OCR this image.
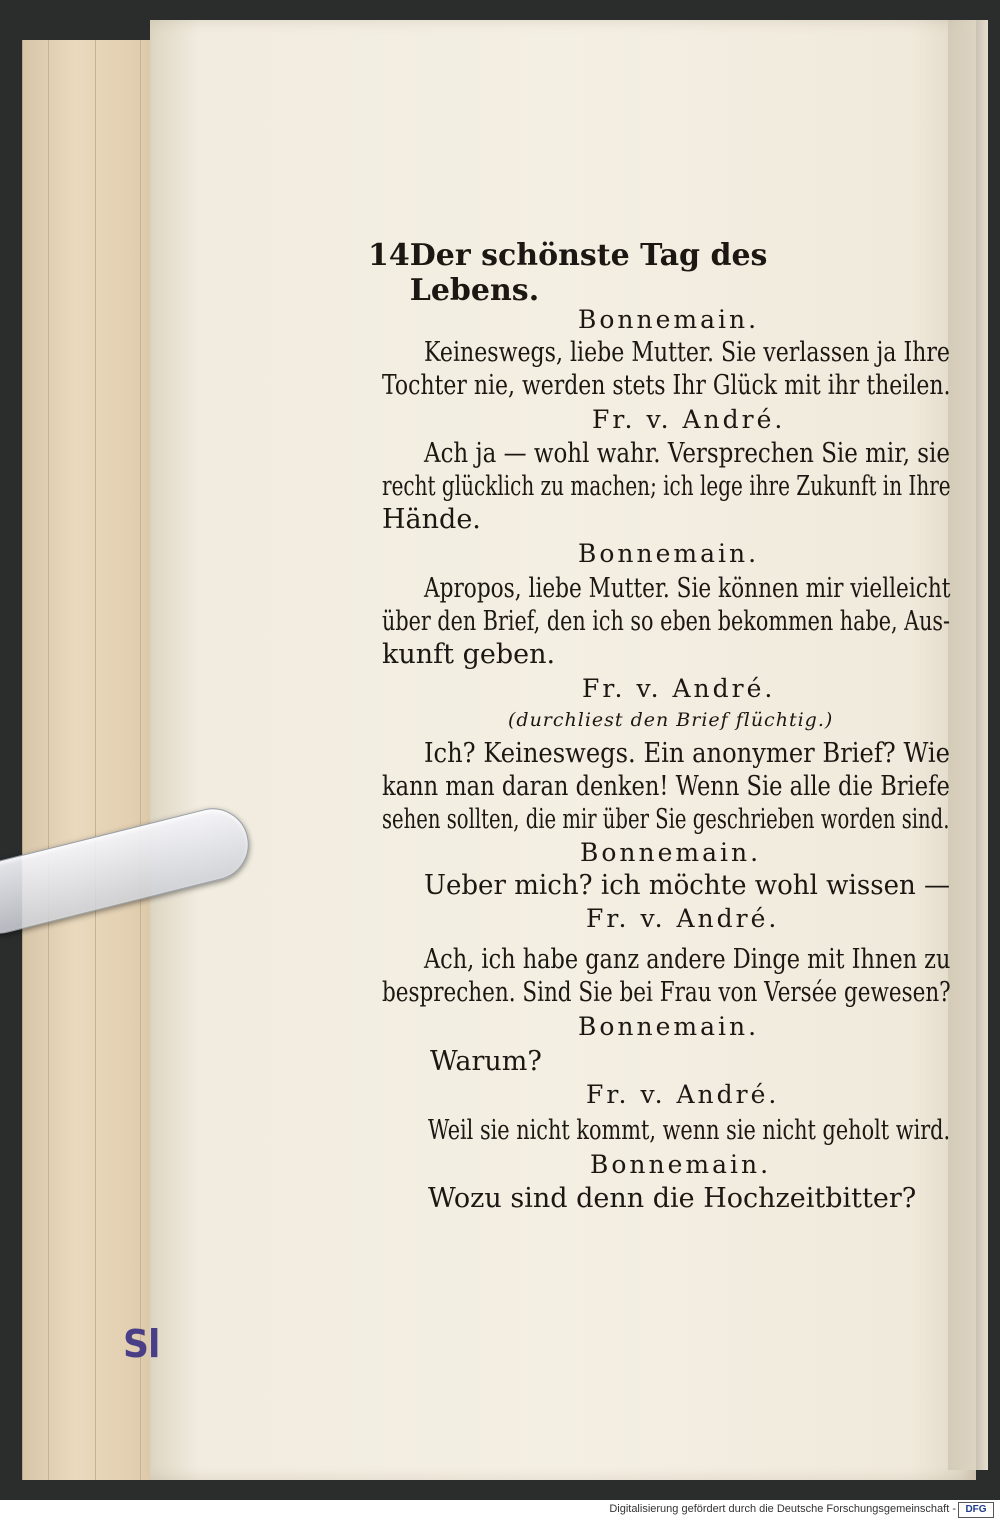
Sl
14 Der schönste Tag des Lebens.
Bonnemain.
Keineswegs, liebe Mutter. Sie verlassen ja Ihre
Tochter nie, werden stets Ihr Glück mit ihr theilen.
Fr. v. André.
Ach ja — wohl wahr. Versprechen Sie mir, sie
recht glücklich zu machen; ich lege ihre Zukunft in Ihre
Hände.
Bonnemain.
Apropos, liebe Mutter. Sie können mir vielleicht
über den Brief, den ich so eben bekommen habe, Aus-
kunft geben.
Fr. v. André.
(durchliest den Brief flüchtig.)
Ich? Keineswegs. Ein anonymer Brief? Wie
kann man daran denken! Wenn Sie alle die Briefe
sehen sollten, die mir über Sie geschrieben worden sind.
Bonnemain.
Ueber mich? ich möchte wohl wissen —
Fr. v. André.
Ach, ich habe ganz andere Dinge mit Ihnen zu
besprechen. Sind Sie bei Frau von Versée gewesen?
Bonnemain.
Warum?
Fr. v. André.
Weil sie nicht kommt, wenn sie nicht geholt wird.
Bonnemain.
Wozu sind denn die Hochzeitbitter?
Digitalisierung gefördert durch die Deutsche Forschungsgemeinschaft - DFG
